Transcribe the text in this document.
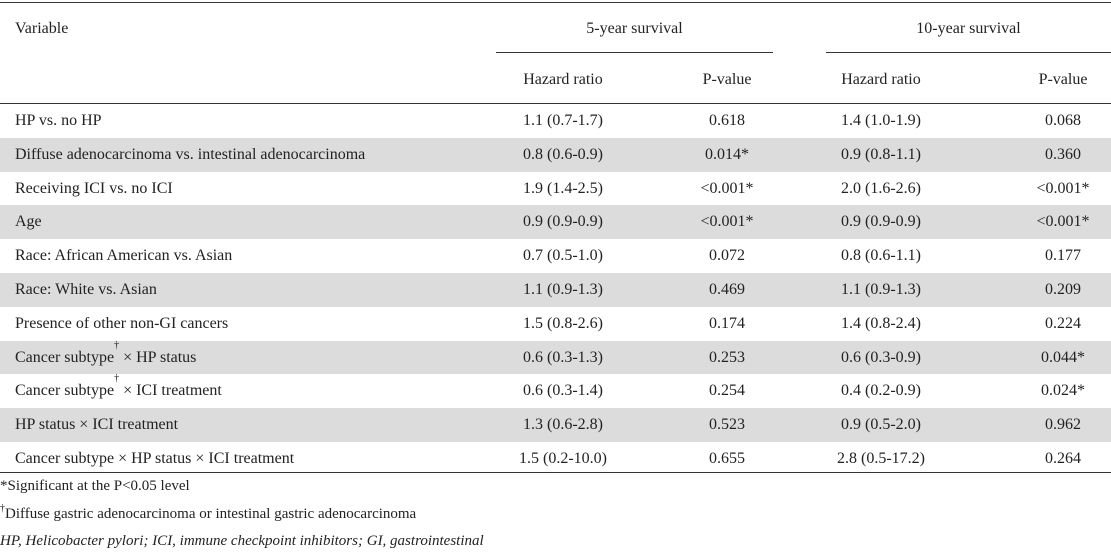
Variable	5-year survival	10-year survival
Hazard ratio	P-value	Hazard ratio	P-value
HP vs. no HP	1.1 (0.7-1.7)	0.618	1.4 (1.0-1.9)	0.068
Diffuse adenocarcinoma vs. intestinal adenocarcinoma	0.8 (0.6-0.9)	0.014*	0.9 (0.8-1.1)	0.360
Receiving ICI vs. no ICI	1.9 (1.4-2.5)	<0.001*	2.0 (1.6-2.6)	<0.001*
Age	0.9 (0.9-0.9)	<0.001*	0.9 (0.9-0.9)	<0.001*
Race: African American vs. Asian	0.7 (0.5-1.0)	0.072	0.8 (0.6-1.1)	0.177
Race: White vs. Asian	1.1 (0.9-1.3)	0.469	1.1 (0.9-1.3)	0.209
Presence of other non-GI cancers	1.5 (0.8-2.6)	0.174	1.4 (0.8-2.4)	0.224
Cancer subtype† × HP status	0.6 (0.3-1.3)	0.253	0.6 (0.3-0.9)	0.044*
Cancer subtype† × ICI treatment	0.6 (0.3-1.4)	0.254	0.4 (0.2-0.9)	0.024*
HP status × ICI treatment	1.3 (0.6-2.8)	0.523	0.9 (0.5-2.0)	0.962
Cancer subtype × HP status × ICI treatment	1.5 (0.2-10.0)	0.655	2.8 (0.5-17.2)	0.264
*Significant at the P<0.05 level
†Diffuse gastric adenocarcinoma or intestinal gastric adenocarcinoma
HP, Helicobacter pylori; ICI, immune checkpoint inhibitors; GI, gastrointestinal
